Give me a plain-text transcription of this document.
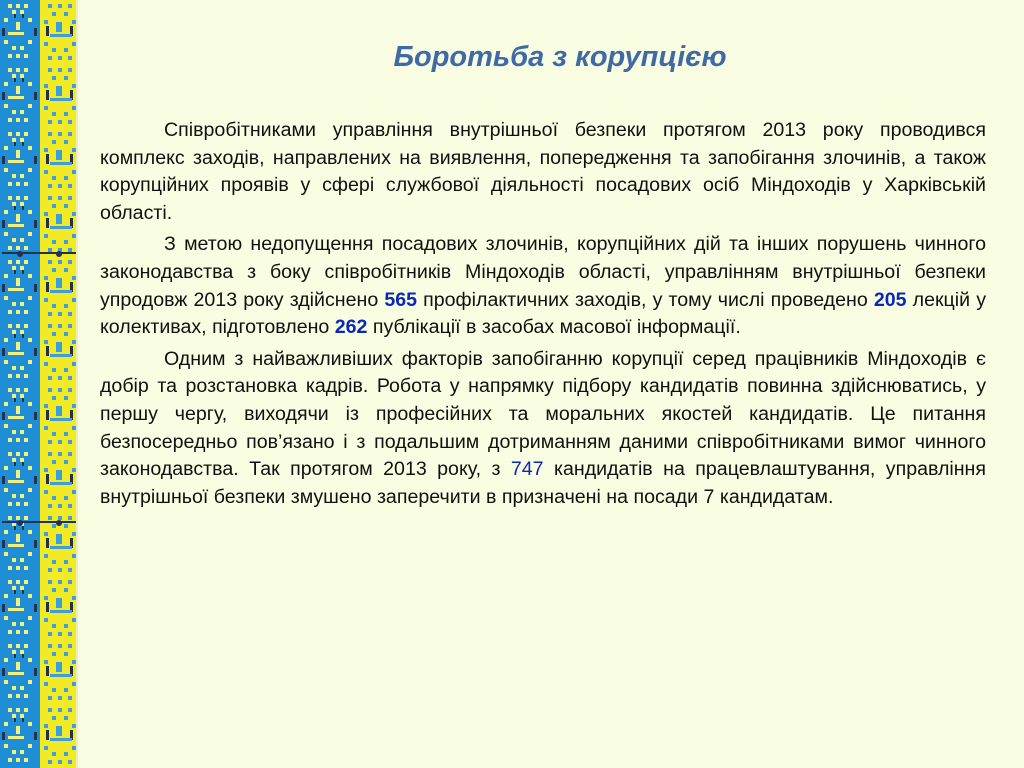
Боротьба з корупцією

Співробітниками управління внутрішньої безпеки протягом 2013 року проводився комплекс заходів, направлених на виявлення, попередження та запобігання злочинів, а також корупційних проявів у сфері службової діяльності посадових осіб Міндоходів у Харківській області.

З метою недопущення посадових злочинів, корупційних дій та інших порушень чинного законодавства з боку співробітників Міндоходів області, управлінням внутрішньої безпеки упродовж 2013 року здійснено 565 профілактичних заходів, у тому числі проведено 205 лекцій у колективах, підготовлено 262 публікації в засобах масової інформації.

Одним з найважливіших факторів запобіганню корупції серед працівників Міндоходів є добір та розстановка кадрів. Робота у напрямку підбору кандидатів повинна здійснюватись, у першу чергу, виходячи із професійних та моральних якостей кандидатів. Це питання безпосередньо пов’язано і з подальшим дотриманням даними співробітниками вимог чинного законодавства. Так протягом 2013 року, з 747 кандидатів на працевлаштування, управління внутрішньої безпеки змушено заперечити в призначені на посади 7 кандидатам.
